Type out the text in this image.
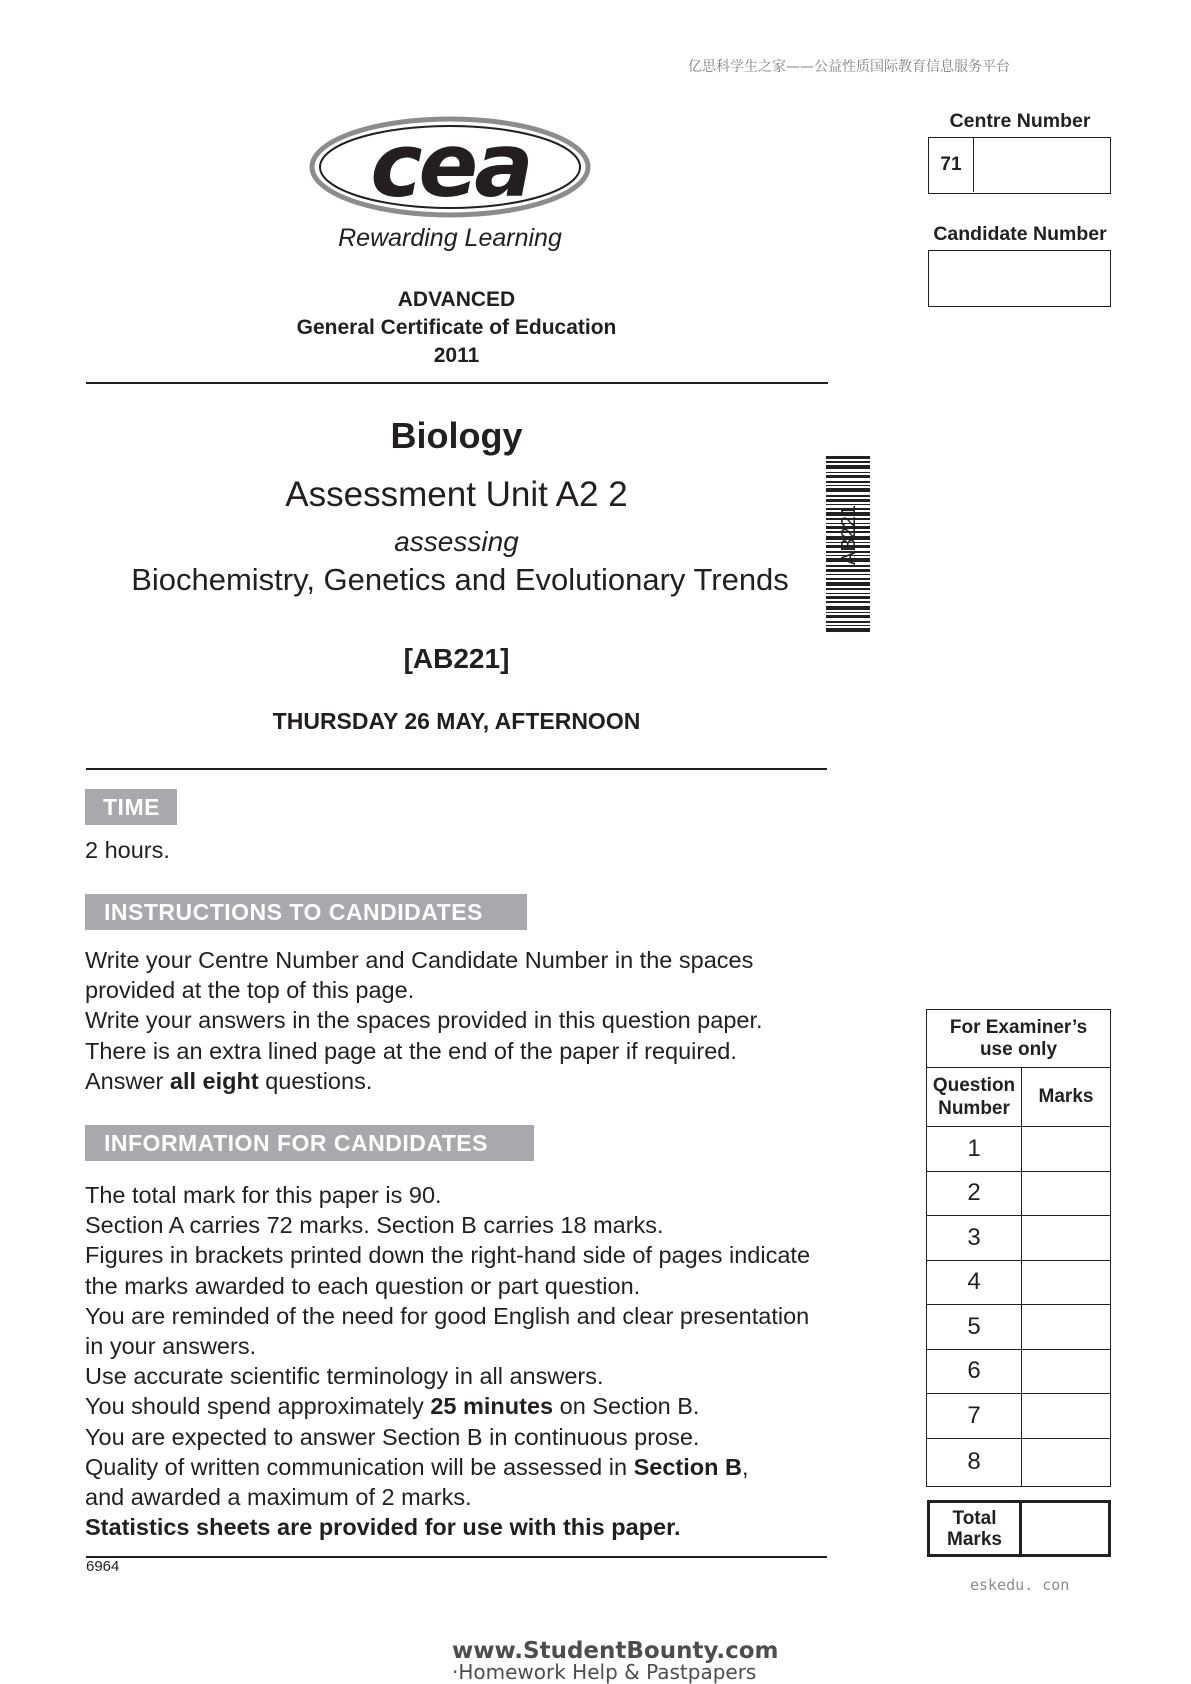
亿思科学生之家——公益性质国际教育信息服务平台
cea
Rewarding Learning
ADVANCED
General Certificate of Education
2011
Biology
Assessment Unit A2 2
assessing
Biochemistry, Genetics and Evolutionary Trends
[AB221]
THURSDAY 26 MAY, AFTERNOON
AB221
Centre Number
71
Candidate Number
TIME
2 hours.
INSTRUCTIONS TO CANDIDATES
Write your Centre Number and Candidate Number in the spaces
provided at the top of this page.
Write your answers in the spaces provided in this question paper.
There is an extra lined page at the end of the paper if required.
Answer all eight questions.
INFORMATION FOR CANDIDATES
The total mark for this paper is 90.
Section A carries 72 marks. Section B carries 18 marks.
Figures in brackets printed down the right-hand side of pages indicate
the marks awarded to each question or part question.
You are reminded of the need for good English and clear presentation
in your answers.
Use accurate scientific terminology in all answers.
You should spend approximately 25 minutes on Section B.
You are expected to answer Section B in continuous prose.
Quality of written communication will be assessed in Section B,
and awarded a maximum of 2 marks.
Statistics sheets are provided for use with this paper.
6964
For Examiner’s
use only	

Question
Number	Marks
1	
2	
3	
4	
5	
6	
7	
8	
Total
Marks
eskedu. con
www.StudentBounty.com
·Homework Help & Pastpapers
